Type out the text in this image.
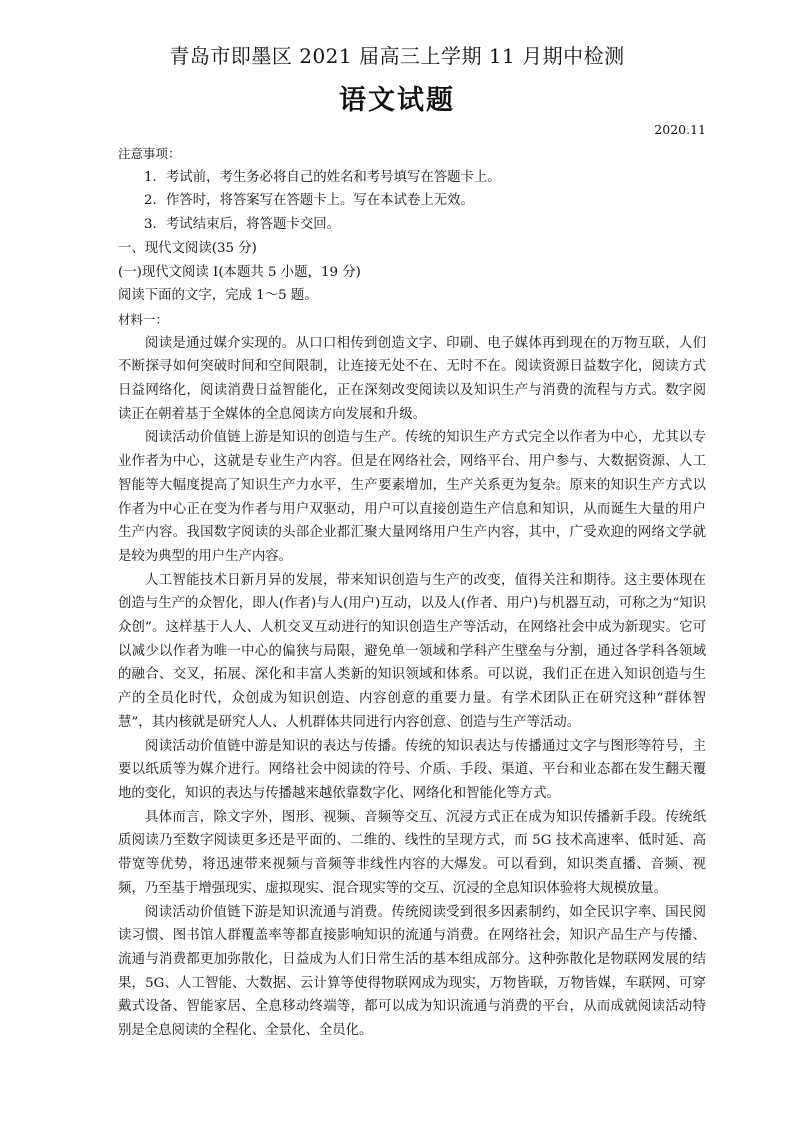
青岛市即墨区 2021 届高三上学期 11 月期中检测
语文试题
2020.11
注意事项：
1．考试前，考生务必将自己的姓名和考号填写在答题卡上。
2．作答时，将答案写在答题卡上。写在本试卷上无效。
3．考试结束后，将答题卡交回。
一、现代文阅读(35 分)
(一)现代文阅读 I(本题共 5 小题，19 分)
阅读下面的文字，完成 1～5 题。
材料一：
阅读是通过媒介实现的。从口口相传到创造文字、印刷、电子媒体再到现在的万物互联，人们不断探寻如何突破时间和空间限制，让连接无处不在、无时不在。阅读资源日益数字化，阅读方式日益网络化，阅读消费日益智能化，正在深刻改变阅读以及知识生产与消费的流程与方式。数字阅读正在朝着基于全媒体的全息阅读方向发展和升级。
阅读活动价值链上游是知识的创造与生产。传统的知识生产方式完全以作者为中心，尤其以专业作者为中心，这就是专业生产内容。但是在网络社会，网络平台、用户参与、大数据资源、人工智能等大幅度提高了知识生产力水平，生产要素增加，生产关系更为复杂。原来的知识生产方式以作者为中心正在变为作者与用户双驱动，用户可以直接创造生产信息和知识，从而诞生大量的用户生产内容。我国数字阅读的头部企业都汇聚大量网络用户生产内容，其中，广受欢迎的网络文学就是较为典型的用户生产内容。
人工智能技术日新月异的发展，带来知识创造与生产的改变，值得关注和期待。这主要体现在创造与生产的众智化，即人(作者)与人(用户)互动，以及人(作者、用户)与机器互动，可称之为“知识众创”。这样基于人人、人机交叉互动进行的知识创造生产等活动，在网络社会中成为新现实。它可以减少以作者为唯一中心的偏狭与局限，避免单一领域和学科产生壁垒与分割，通过各学科各领域的融合、交叉，拓展、深化和丰富人类新的知识领域和体系。可以说，我们正在进入知识创造与生产的全员化时代，众创成为知识创造、内容创意的重要力量。有学术团队正在研究这种“群体智慧”，其内核就是研究人人、人机群体共同进行内容创意、创造与生产等活动。
阅读活动价值链中游是知识的表达与传播。传统的知识表达与传播通过文字与图形等符号，主要以纸质等为媒介进行。网络社会中阅读的符号、介质、手段、渠道、平台和业态都在发生翻天覆地的变化，知识的表达与传播越来越依靠数字化、网络化和智能化等方式。
具体而言，除文字外，图形、视频、音频等交互、沉浸方式正在成为知识传播新手段。传统纸质阅读乃至数字阅读更多还是平面的、二维的、线性的呈现方式，而 5G 技术高速率、低时延、高带宽等优势，将迅速带来视频与音频等非线性内容的大爆发。可以看到，知识类直播、音频、视频，乃至基于增强现实、虚拟现实、混合现实等的交互、沉浸的全息知识体验将大规模放量。
阅读活动价值链下游是知识流通与消费。传统阅读受到很多因素制约，如全民识字率、国民阅读习惯、图书馆人群覆盖率等都直接影响知识的流通与消费。在网络社会，知识产品生产与传播、流通与消费都更加弥散化，日益成为人们日常生活的基本组成部分。这种弥散化是物联网发展的结果，5G、人工智能、大数据、云计算等使得物联网成为现实，万物皆联，万物皆媒，车联网、可穿戴式设备、智能家居、全息移动终端等，都可以成为知识流通与消费的平台，从而成就阅读活动特别是全息阅读的全程化、全景化、全员化。
